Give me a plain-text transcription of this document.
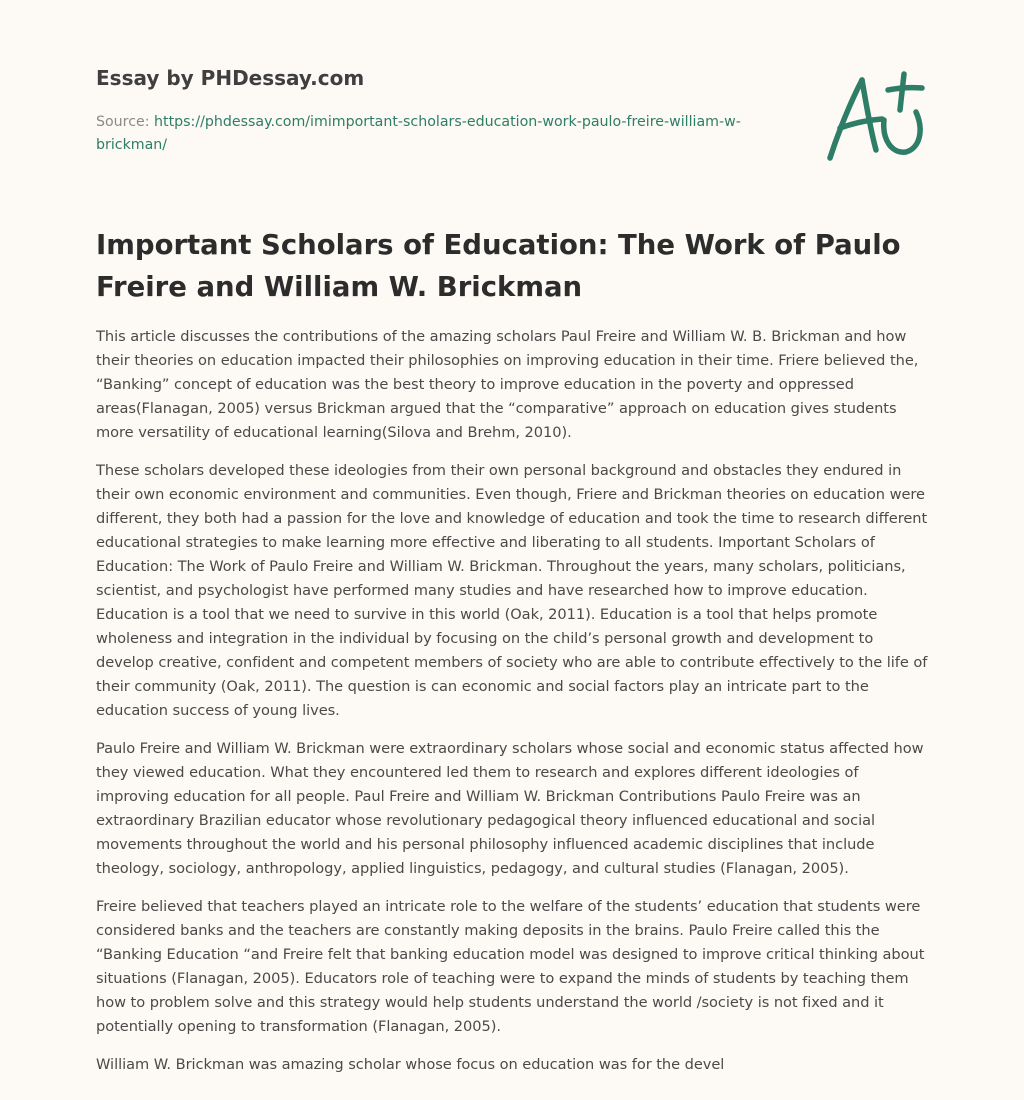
Essay by PHDessay.com

Source: https://phdessay.com/imimportant-scholars-education-work-paulo-freire-william-w-brickman/

Important Scholars of Education: The Work of Paulo Freire and William W. Brickman

This article discusses the contributions of the amazing scholars Paul Freire and William W. B. Brickman and how their theories on education impacted their philosophies on improving education in their time. Friere believed the, “Banking” concept of education was the best theory to improve education in the poverty and oppressed areas(Flanagan, 2005) versus Brickman argued that the “comparative” approach on education gives students more versatility of educational learning(Silova and Brehm, 2010).

These scholars developed these ideologies from their own personal background and obstacles they endured in their own economic environment and communities. Even though, Friere and Brickman theories on education were different, they both had a passion for the love and knowledge of education and took the time to research different educational strategies to make learning more effective and liberating to all students. Important Scholars of Education: The Work of Paulo Freire and William W. Brickman. Throughout the years, many scholars, politicians, scientist, and psychologist have performed many studies and have researched how to improve education. Education is a tool that we need to survive in this world (Oak, 2011). Education is a tool that helps promote wholeness and integration in the individual by focusing on the child’s personal growth and development to develop creative, confident and competent members of society who are able to contribute effectively to the life of their community (Oak, 2011). The question is can economic and social factors play an intricate part to the education success of young lives.

Paulo Freire and William W. Brickman were extraordinary scholars whose social and economic status affected how they viewed education. What they encountered led them to research and explores different ideologies of improving education for all people. Paul Freire and William W. Brickman Contributions Paulo Freire was an extraordinary Brazilian educator whose revolutionary pedagogical theory influenced educational and social movements throughout the world and his personal philosophy influenced academic disciplines that include theology, sociology, anthropology, applied linguistics, pedagogy, and cultural studies (Flanagan, 2005).

Freire believed that teachers played an intricate role to the welfare of the students’ education that students were considered banks and the teachers are constantly making deposits in the brains. Paulo Freire called this the “Banking Education “and Freire felt that banking education model was designed to improve critical thinking about situations (Flanagan, 2005). Educators role of teaching were to expand the minds of students by teaching them how to problem solve and this strategy would help students understand the world /society is not fixed and it potentially opening to transformation (Flanagan, 2005).

William W. Brickman was amazing scholar whose focus on education was for the devel
